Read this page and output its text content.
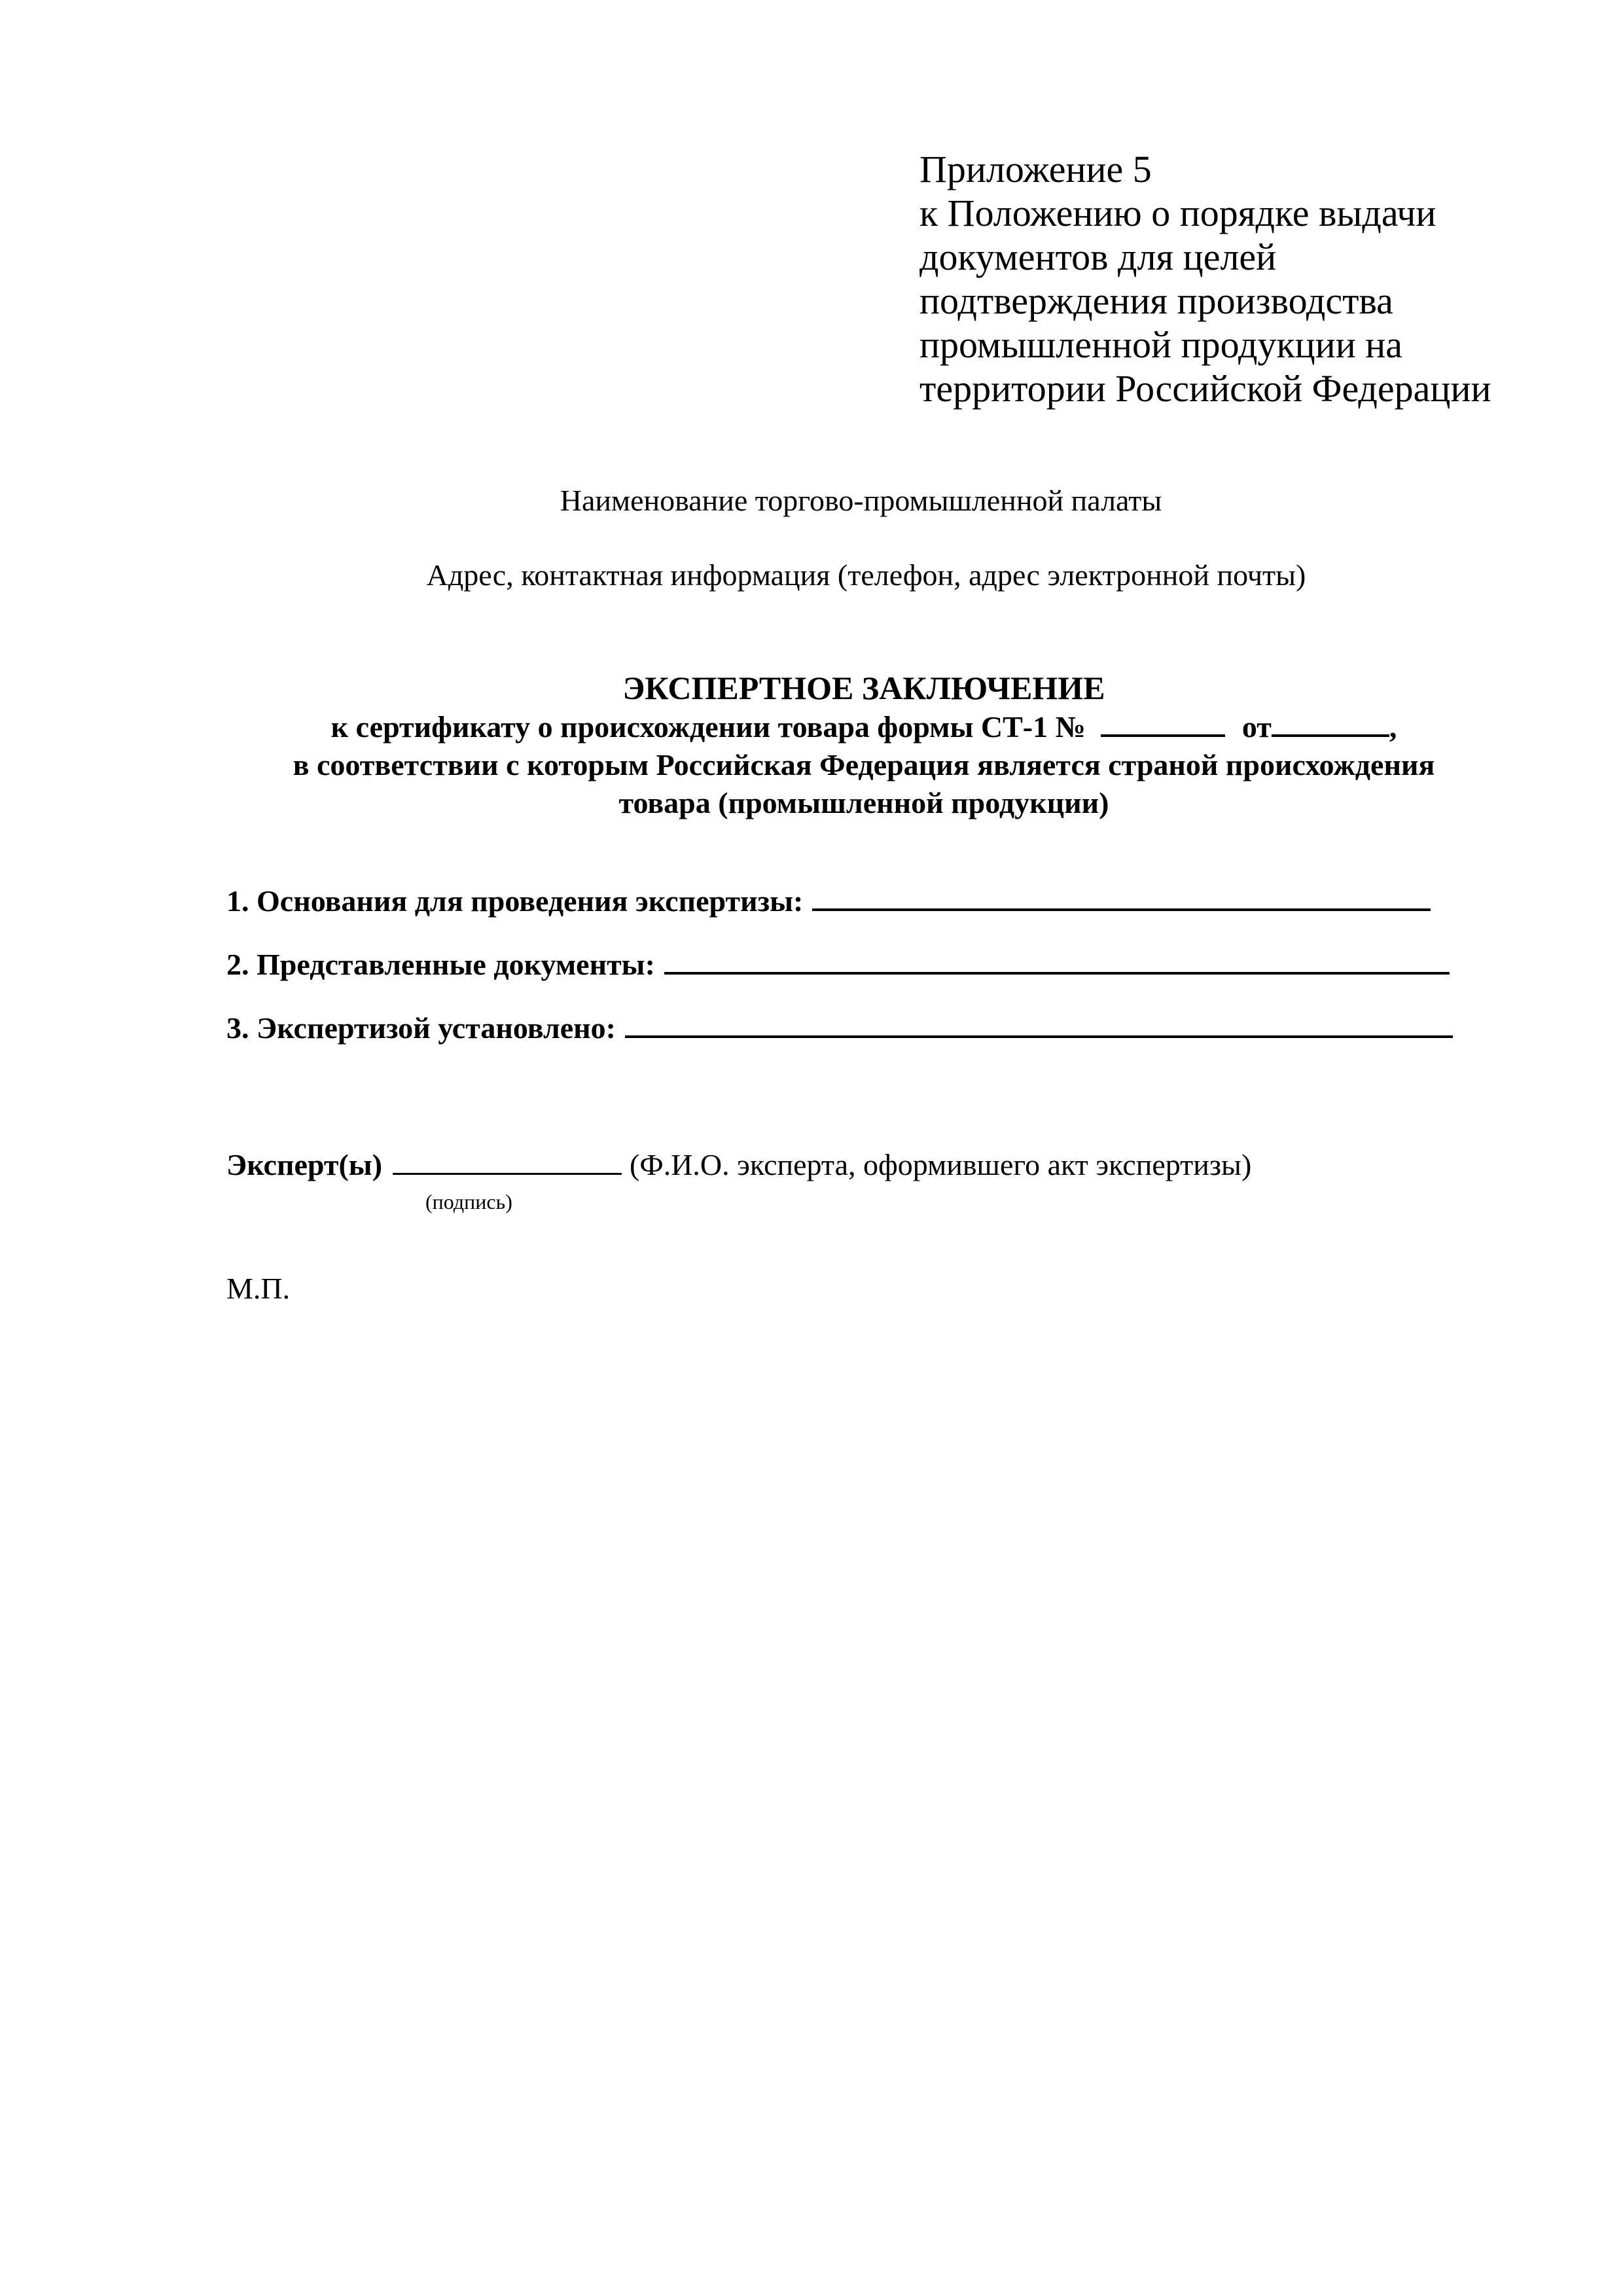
Приложение 5
к Положению о порядке выдачи
документов для целей
подтверждения производства
промышленной продукции на
территории Российской Федерации
Наименование торгово-промышленной палаты
Адрес, контактная информация (телефон, адрес электронной почты)
ЭКСПЕРТНОЕ ЗАКЛЮЧЕНИЕ
к сертификату о происхождении товара формы СТ-1 №	от	,
в соответствии с которым Российская Федерация является страной происхождения
товара (промышленной продукции)
1. Основания для проведения экспертизы:
2. Представленные документы:
3. Экспертизой установлено:
Эксперт(ы)	(Ф.И.О. эксперта, оформившего акт экспертизы)
(подпись)
М.П.
